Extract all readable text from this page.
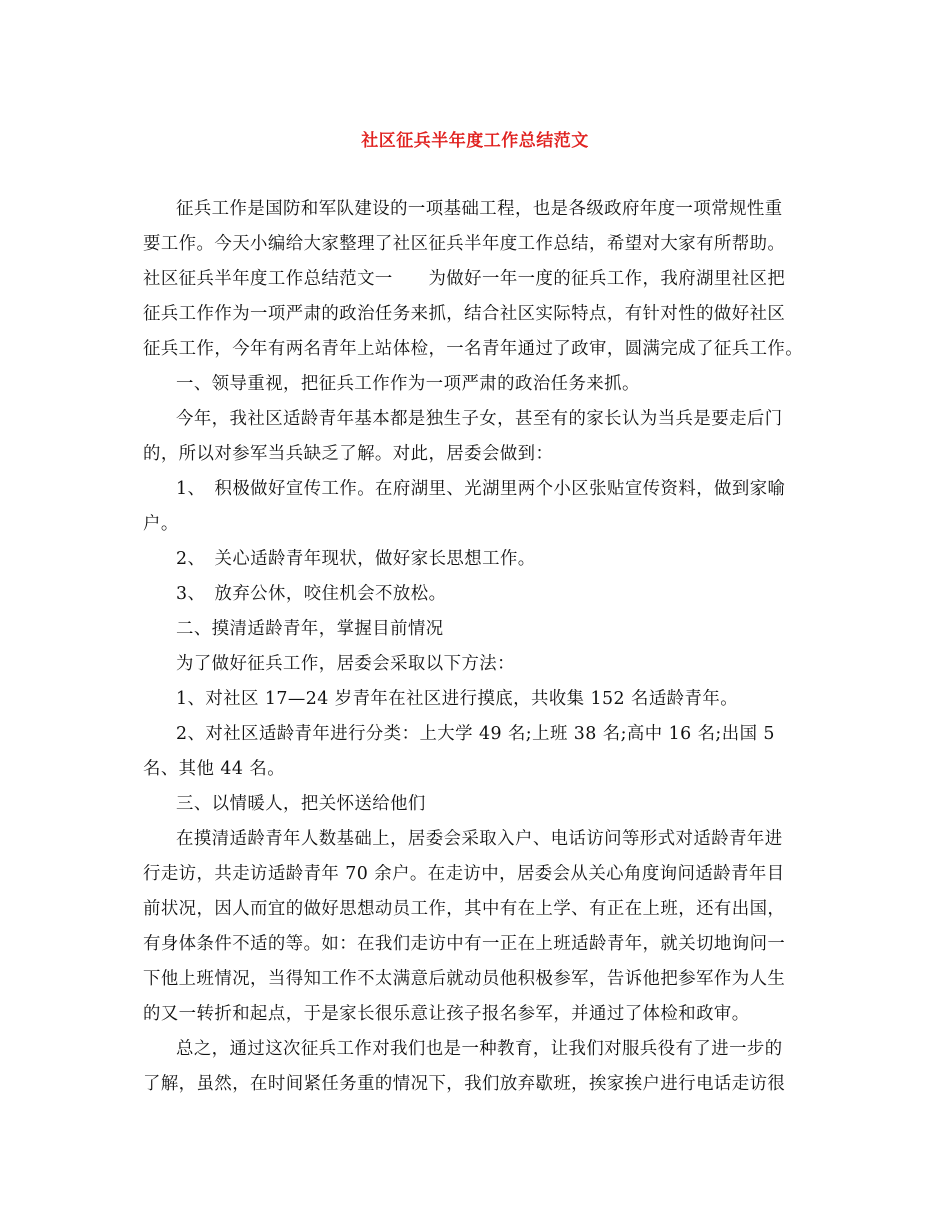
社区征兵半年度工作总结范文
征兵工作是国防和军队建设的一项基础工程，也是各级政府年度一项常规性重
要工作。今天小编给大家整理了社区征兵半年度工作总结，希望对大家有所帮助。
社区征兵半年度工作总结范文一　　为做好一年一度的征兵工作，我府湖里社区把
征兵工作作为一项严肃的政治任务来抓，结合社区实际特点，有针对性的做好社区
征兵工作，今年有两名青年上站体检，一名青年通过了政审，圆满完成了征兵工作。
一、领导重视，把征兵工作作为一项严肃的政治任务来抓。
今年，我社区适龄青年基本都是独生子女，甚至有的家长认为当兵是要走后门
的，所以对参军当兵缺乏了解。对此，居委会做到：
1、　积极做好宣传工作。在府湖里、光湖里两个小区张贴宣传资料，做到家喻
户。
2、　关心适龄青年现状，做好家长思想工作。
3、　放弃公休，咬住机会不放松。
二、摸清适龄青年，掌握目前情况
为了做好征兵工作，居委会采取以下方法：
1、对社区 17—24 岁青年在社区进行摸底，共收集 152 名适龄青年。
2、对社区适龄青年进行分类：上大学 49 名;上班 38 名;高中 16 名;出国 5
名、其他 44 名。
三、以情暖人，把关怀送给他们
在摸清适龄青年人数基础上，居委会采取入户、电话访问等形式对适龄青年进
行走访，共走访适龄青年 70 余户。在走访中，居委会从关心角度询问适龄青年目
前状况，因人而宜的做好思想动员工作，其中有在上学、有正在上班，还有出国，
有身体条件不适的等。如：在我们走访中有一正在上班适龄青年，就关切地询问一
下他上班情况，当得知工作不太满意后就动员他积极参军，告诉他把参军作为人生
的又一转折和起点，于是家长很乐意让孩子报名参军，并通过了体检和政审。
总之，通过这次征兵工作对我们也是一种教育，让我们对服兵役有了进一步的
了解，虽然，在时间紧任务重的情况下，我们放弃歇班，挨家挨户进行电话走访很
